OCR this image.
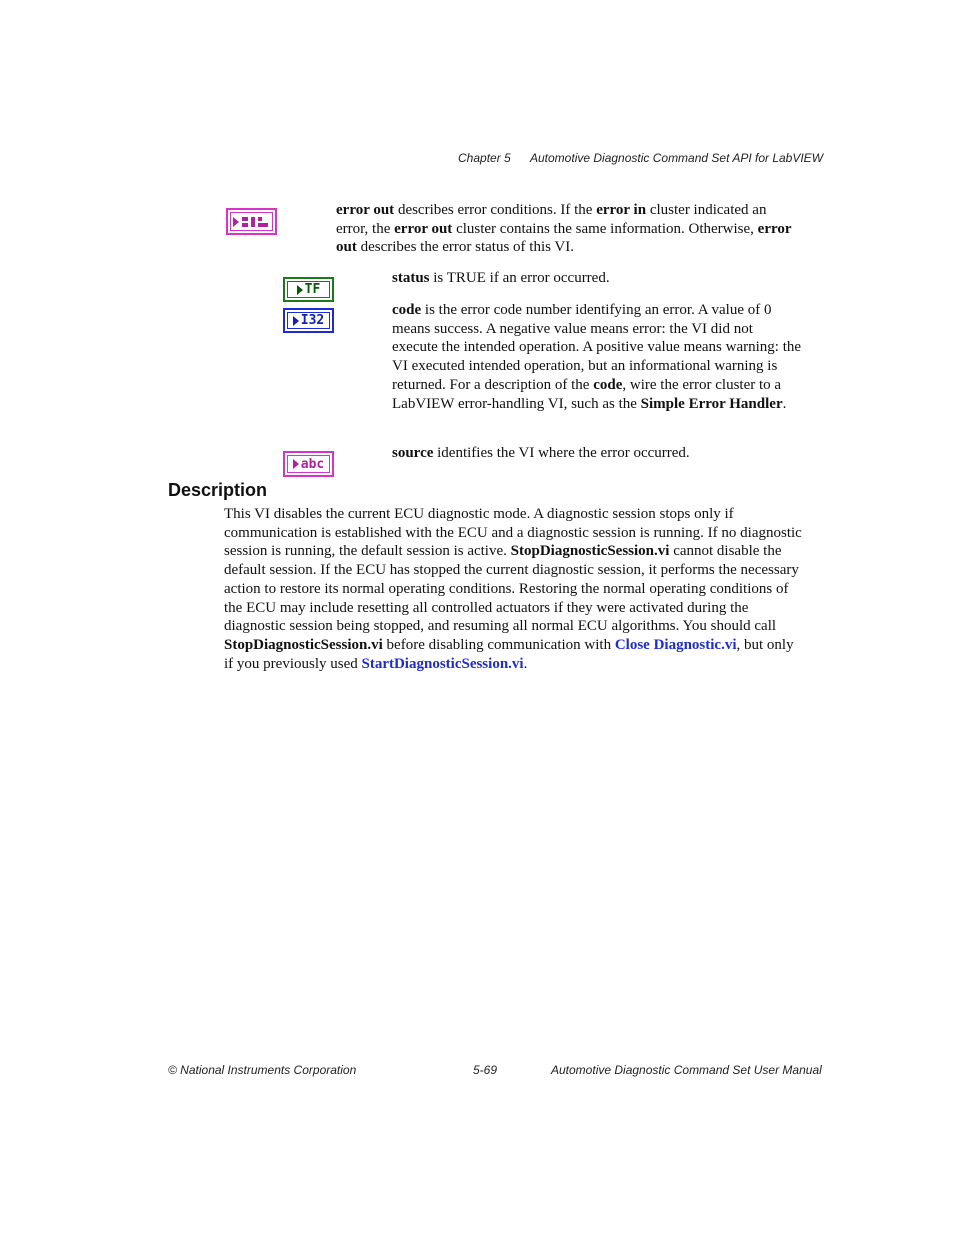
Chapter 5 Automotive Diagnostic Command Set API for LabVIEW
error out describes error conditions. If the error in cluster indicated an error, the error out cluster contains the same information. Otherwise, error out describes the error status of this VI.
TF
status is TRUE if an error occurred.
I32
code is the error code number identifying an error. A value of 0 means success. A negative value means error: the VI did not execute the intended operation. A positive value means warning: the VI executed intended operation, but an informational warning is returned. For a description of the code, wire the error cluster to a LabVIEW error-handling VI, such as the Simple Error Handler.
abc
source identifies the VI where the error occurred.
Description
This VI disables the current ECU diagnostic mode. A diagnostic session stops only if communication is established with the ECU and a diagnostic session is running. If no diagnostic session is running, the default session is active. StopDiagnosticSession.vi cannot disable the default session. If the ECU has stopped the current diagnostic session, it performs the necessary action to restore its normal operating conditions. Restoring the normal operating conditions of the ECU may include resetting all controlled actuators if they were activated during the diagnostic session being stopped, and resuming all normal ECU algorithms. You should call StopDiagnosticSession.vi before disabling communication with Close Diagnostic.vi, but only if you previously used StartDiagnosticSession.vi.
© National Instruments Corporation	5-69	Automotive Diagnostic Command Set User Manual
